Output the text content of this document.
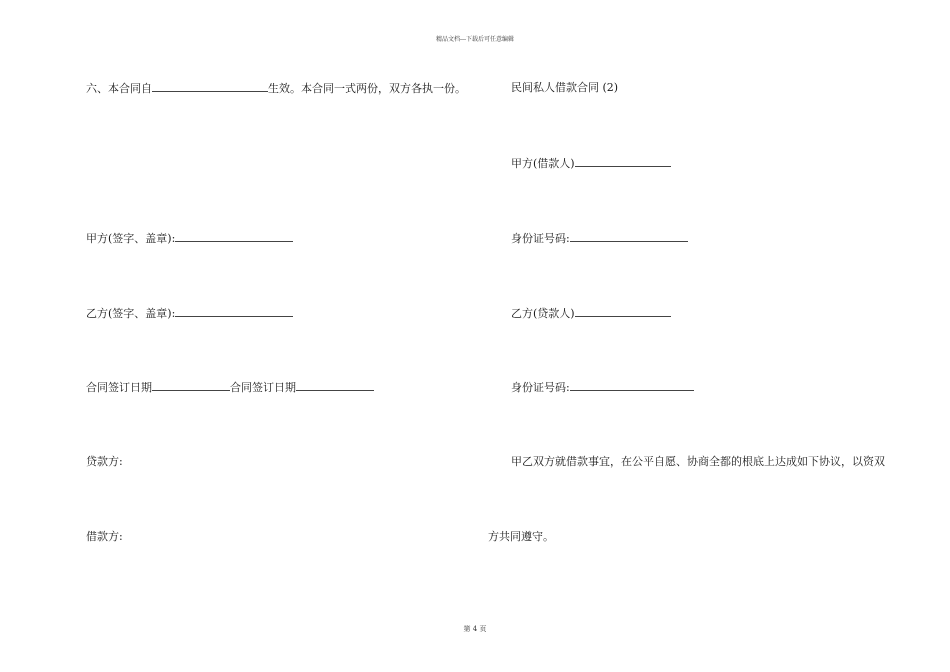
精品文档---下载后可任意编辑
六、本合同自	生效。本合同一式两份，双方各执一份。
甲方(签字、盖章):
乙方(签字、盖章):
合同签订日期	合同签订日期
贷款方:
借款方:
民间私人借款合同 (2)
甲方(借款人)
身份证号码:
乙方(贷款人)
身份证号码:
甲乙双方就借款事宜，在公平自愿、协商全都的根底上达成如下协议，以资双
方共同遵守。
第 4 页
